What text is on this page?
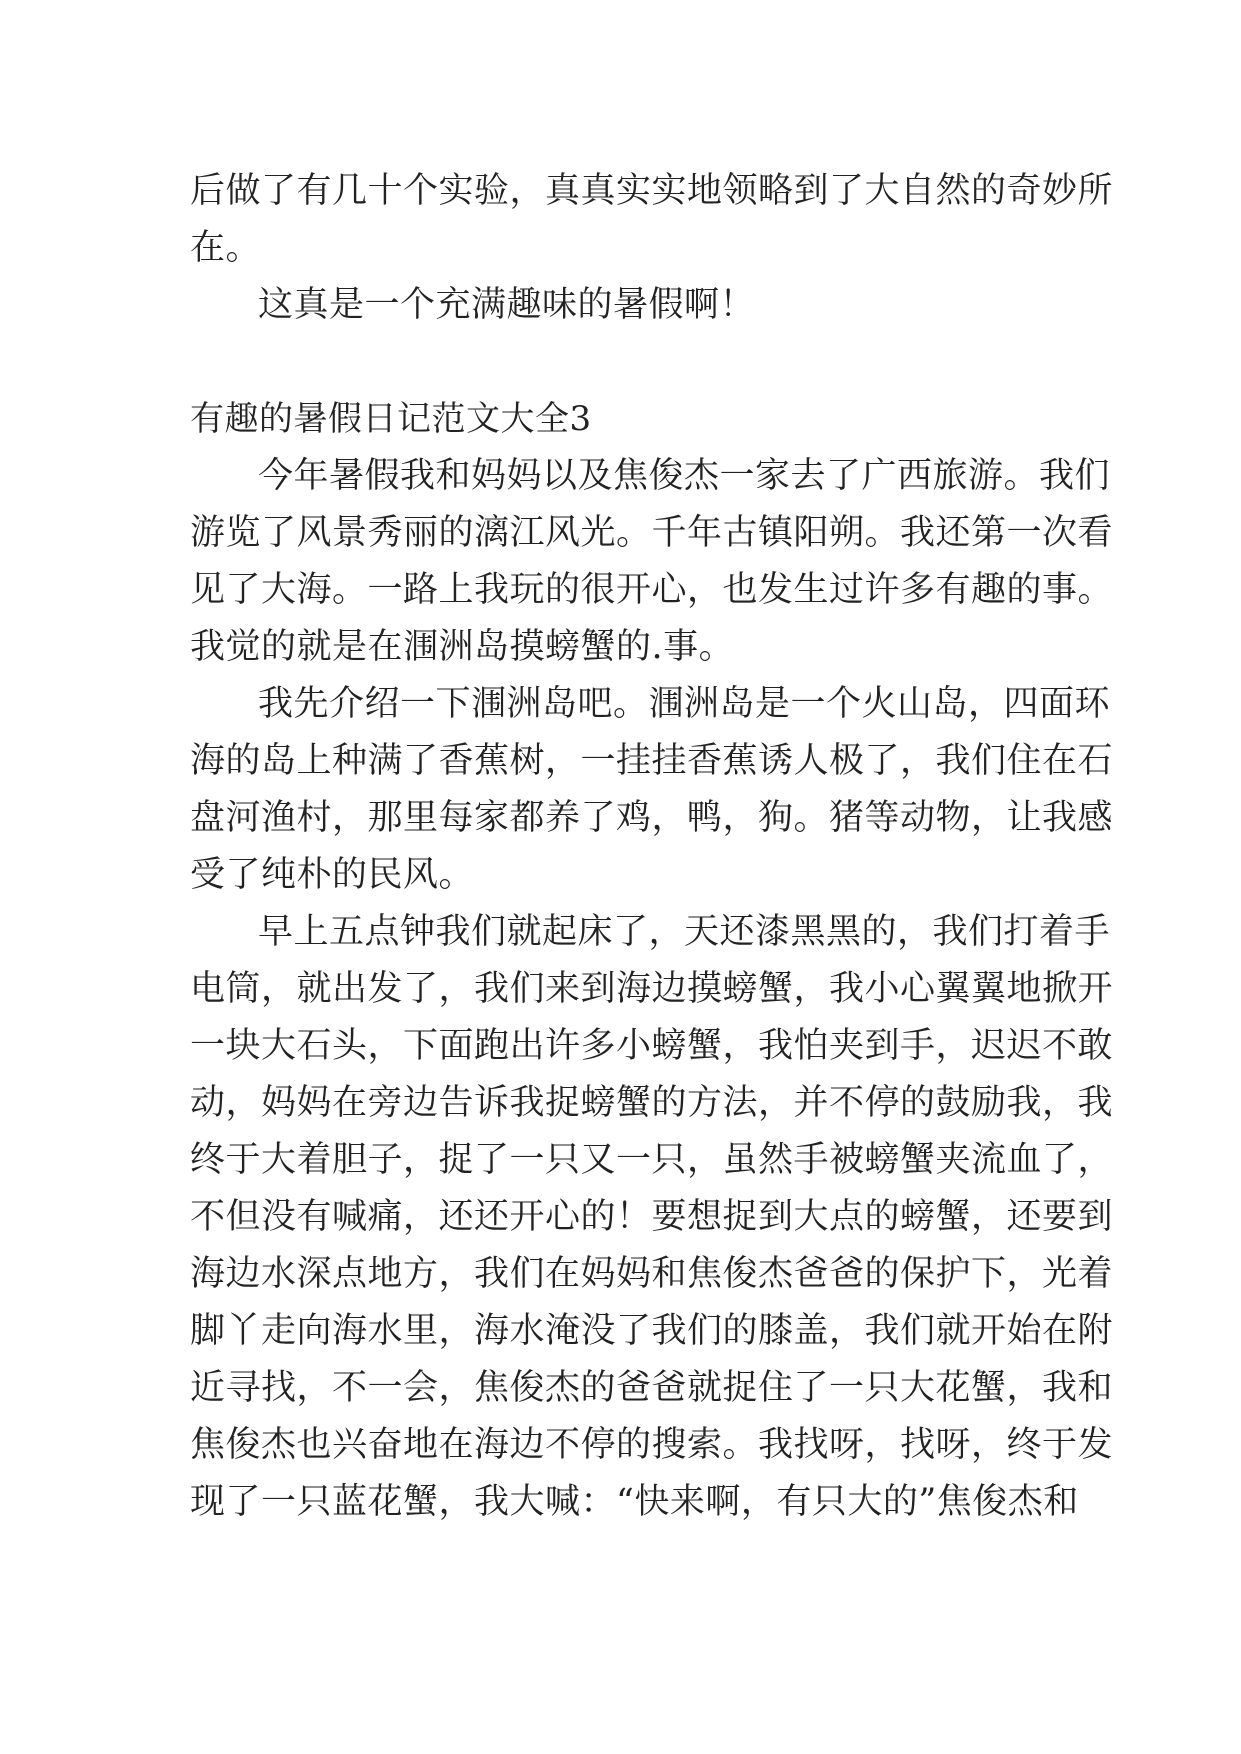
后做了有几十个实验，真真实实地领略到了大自然的奇妙所
在。
这真是一个充满趣味的暑假啊！
有趣的暑假日记范文大全3
今年暑假我和妈妈以及焦俊杰一家去了广西旅游。我们
游览了风景秀丽的漓江风光。千年古镇阳朔。我还第一次看
见了大海。一路上我玩的很开心，也发生过许多有趣的事。
我觉的就是在涠洲岛摸螃蟹的.事。
我先介绍一下涠洲岛吧。涠洲岛是一个火山岛，四面环
海的岛上种满了香蕉树，一挂挂香蕉诱人极了，我们住在石
盘河渔村，那里每家都养了鸡，鸭，狗。猪等动物，让我感
受了纯朴的民风。
早上五点钟我们就起床了，天还漆黑黑的，我们打着手
电筒，就出发了，我们来到海边摸螃蟹，我小心翼翼地掀开
一块大石头，下面跑出许多小螃蟹，我怕夹到手，迟迟不敢
动，妈妈在旁边告诉我捉螃蟹的方法，并不停的鼓励我，我
终于大着胆子，捉了一只又一只，虽然手被螃蟹夹流血了，
不但没有喊痛，还还开心的！要想捉到大点的螃蟹，还要到
海边水深点地方，我们在妈妈和焦俊杰爸爸的保护下，光着
脚丫走向海水里，海水淹没了我们的膝盖，我们就开始在附
近寻找，不一会，焦俊杰的爸爸就捉住了一只大花蟹，我和
焦俊杰也兴奋地在海边不停的搜索。我找呀，找呀，终于发
现了一只蓝花蟹，我大喊：“快来啊，有只大的”焦俊杰和
